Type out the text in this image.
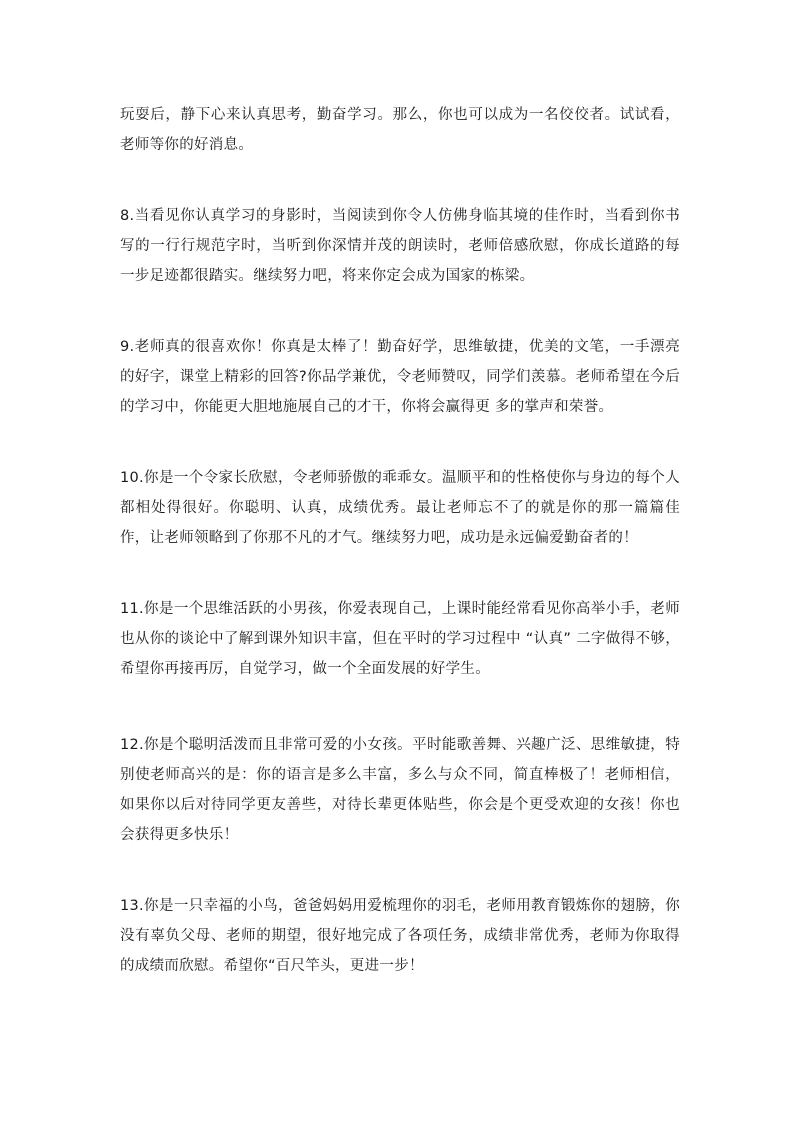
玩耍后，静下心来认真思考，勤奋学习。那么，你也可以成为一名佼佼者。试试看，老师等你的好消息。

8.当看见你认真学习的身影时，当阅读到你令人仿佛身临其境的佳作时，当看到你书写的一行行规范字时，当听到你深情并茂的朗读时，老师倍感欣慰，你成长道路的每一步足迹都很踏实。继续努力吧，将来你定会成为国家的栋梁。

9.老师真的很喜欢你！你真是太棒了！勤奋好学，思维敏捷，优美的文笔，一手漂亮的好字，课堂上精彩的回答?你品学兼优，令老师赞叹，同学们羡慕。老师希望在今后的学习中，你能更大胆地施展自己的才干，你将会赢得更 多的掌声和荣誉。

10.你是一个令家长欣慰，令老师骄傲的乖乖女。温顺平和的性格使你与身边的每个人都相处得很好。你聪明、认真，成绩优秀。最让老师忘不了的就是你的那一篇篇佳作，让老师领略到了你那不凡的才气。继续努力吧，成功是永远偏爱勤奋者的！

11.你是一个思维活跃的小男孩，你爱表现自己，上课时能经常看见你高举小手，老师也从你的谈论中了解到课外知识丰富，但在平时的学习过程中 “认真” 二字做得不够，希望你再接再厉，自觉学习，做一个全面发展的好学生。

12.你是个聪明活泼而且非常可爱的小女孩。平时能歌善舞、兴趣广泛、思维敏捷，特别使老师高兴的是：你的语言是多么丰富，多么与众不同，简直棒极了！老师相信，如果你以后对待同学更友善些，对待长辈更体贴些，你会是个更受欢迎的女孩！你也会获得更多快乐！

13.你是一只幸福的小鸟，爸爸妈妈用爱梳理你的羽毛，老师用教育锻炼你的翅膀，你没有辜负父母、老师的期望，很好地完成了各项任务，成绩非常优秀，老师为你取得的成绩而欣慰。希望你“百尺竿头，更进一步！
